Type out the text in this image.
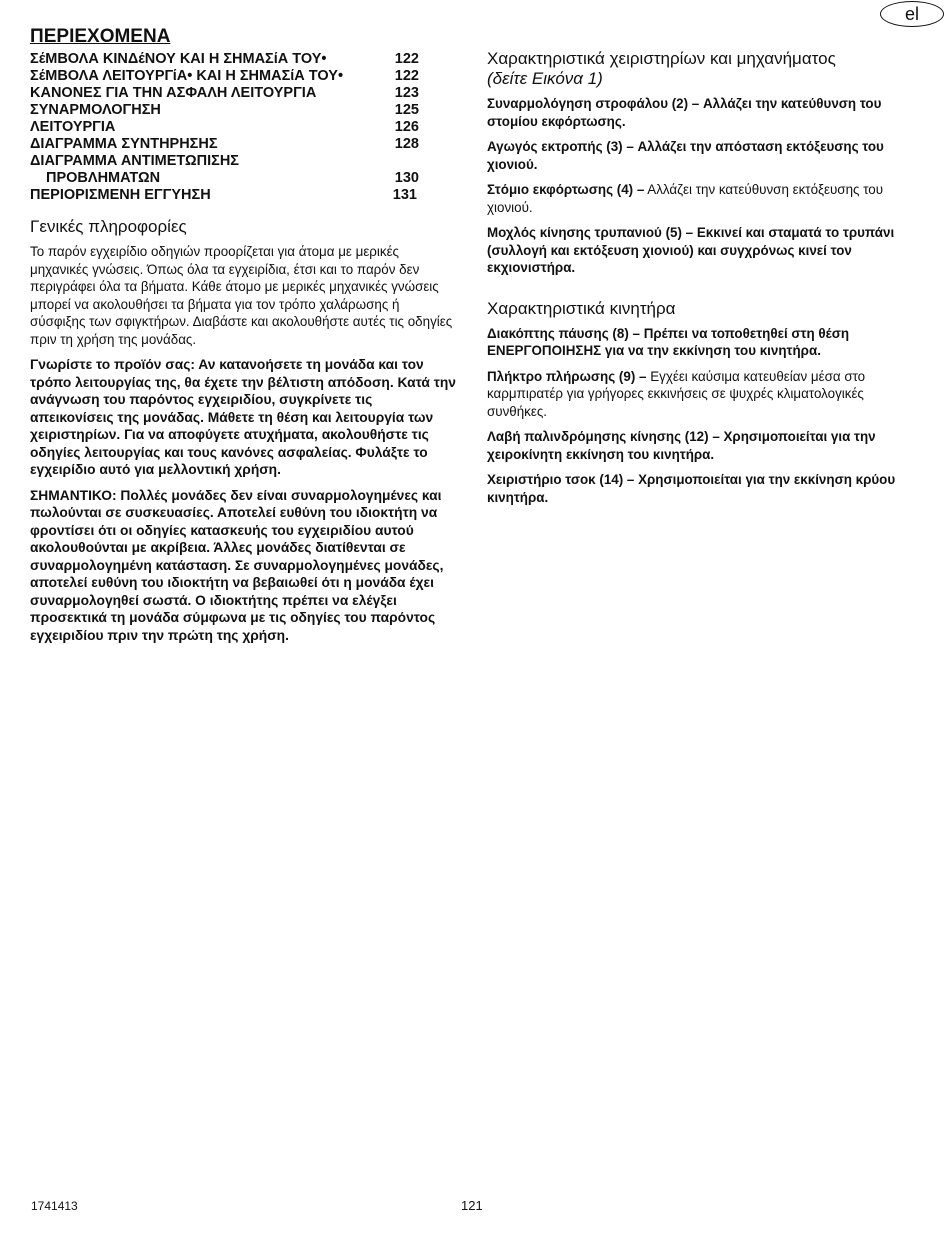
el
ΠΕΡΙΕΧΟΜΕΝΑ
ΣέΜΒΟΛΑ ΚΙΝΔέΝΟΥ ΚΑΙ Η ΣΗΜΑΣίΑ ΤΟΥ•	122
ΣέΜΒΟΛΑ ΛΕΙΤΟΥΡΓίΑ• ΚΑΙ Η ΣΗΜΑΣίΑ ΤΟΥ•	122
ΚΑΝΟΝΕΣ ΓΙΑ ΤΗΝ ΑΣΦΑΛΗ ΛΕΙΤΟΥΡΓΙΑ	123
ΣΥΝΑΡΜΟΛΟΓΗΣΗ	125
ΛΕΙΤΟΥΡΓΙΑ	126
ΔΙΑΓΡΑΜΜΑ ΣΥΝΤΗΡΗΣΗΣ	128
ΔΙΑΓΡΑΜΜΑ ΑΝΤΙΜΕΤΩΠΙΣΗΣ
ΠΡΟΒΛΗΜΑΤΩΝ	130
ΠΕΡΙΟΡΙΣΜΕΝΗ ΕΓΓΥΗΣΗ	131
Γενικές πληροφορίες

Το παρόν εγχειρίδιο οδηγιών προορίζεται για άτομα με μερικές μηχανικές γνώσεις. Όπως όλα τα εγχειρίδια, έτσι και το παρόν δεν περιγράφει όλα τα βήματα. Κάθε άτομο με μερικές μηχανικές γνώσεις μπορεί να ακολουθήσει τα βήματα για τον τρόπο χαλάρωσης ή σύσφιξης των σφιγκτήρων. Διαβάστε και ακολουθήστε αυτές τις οδηγίες πριν τη χρήση της μονάδας.

Γνωρίστε το προϊόν σας: Αν κατανοήσετε τη μονάδα και τον τρόπο λειτουργίας της, θα έχετε την βέλτιστη απόδοση. Κατά την ανάγνωση του παρόντος εγχειριδίου, συγκρίνετε τις απεικονίσεις της μονάδας. Μάθετε τη θέση και λειτουργία των χειριστηρίων. Για να αποφύγετε ατυχήματα, ακολουθήστε τις οδηγίες λειτουργίας και τους κανόνες ασφαλείας. Φυλάξτε το εγχειρίδιο αυτό για μελλοντική χρήση.

ΣΗΜΑΝΤΙΚΟ: Πολλές μονάδες δεν είναι συναρμολογημένες και πωλούνται σε συσκευασίες. Αποτελεί ευθύνη του ιδιοκτήτη να φροντίσει ότι οι οδηγίες κατασκευής του εγχειριδίου αυτού ακολουθούνται με ακρίβεια. Άλλες μονάδες διατίθενται σε συναρμολογημένη κατάσταση. Σε συναρμολογημένες μονάδες, αποτελεί ευθύνη του ιδιοκτήτη να βεβαιωθεί ότι η μονάδα έχει συναρμολογηθεί σωστά. Ο ιδιοκτήτης πρέπει να ελέγξει προσεκτικά τη μονάδα σύμφωνα με τις οδηγίες του παρόντος εγχειριδίου πριν την πρώτη της χρήση.

Χαρακτηριστικά χειριστηρίων και μηχανήματος
(δείτε Εικόνα 1)

Συναρμολόγηση στροφάλου (2) – Αλλάζει την κατεύθυνση του στομίου εκφόρτωσης.

Αγωγός εκτροπής (3) – Αλλάζει την απόσταση εκτόξευσης του χιονιού.

Στόμιο εκφόρτωσης (4) – Αλλάζει την κατεύθυνση εκτόξευσης του χιονιού.

Μοχλός κίνησης τρυπανιού (5) – Εκκινεί και σταματά το τρυπάνι (συλλογή και εκτόξευση χιονιού) και συγχρόνως κινεί τον εκχιονιστήρα.

Χαρακτηριστικά κινητήρα

Διακόπτης πάυσης (8) – Πρέπει να τοποθετηθεί στη θέση ΕΝΕΡΓΟΠΟΙΗΣΗΣ για να την εκκίνηση του κινητήρα.

Πλήκτρο πλήρωσης (9) – Εγχέει καύσιμα κατευθείαν μέσα στο καρμπιρατέρ για γρήγορες εκκινήσεις σε ψυχρές κλιματολογικές συνθήκες.

Λαβή παλινδρόμησης κίνησης (12) – Χρησιμοποιείται για την χειροκίνητη εκκίνηση του κινητήρα.

Χειριστήριο τσοκ (14) – Χρησιμοποιείται για την εκκίνηση κρύου κινητήρα.

1741413	121
